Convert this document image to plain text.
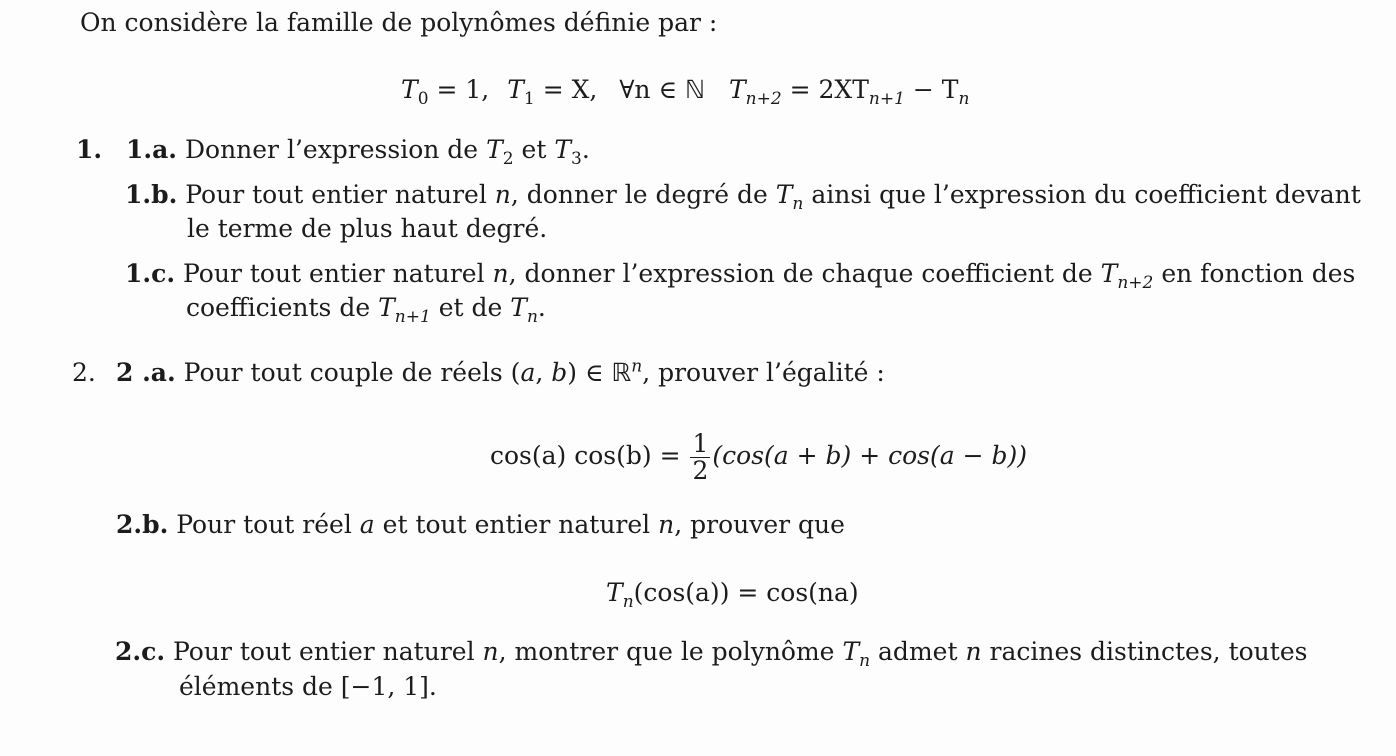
On considère la famille de polynômes définie par :
$T_0 = 1$, $T_1 = X$, ∀n ∈ ℕ $T_{n+2} = 2XT_{n+1} - T_n$
1. 1.a. Donner l’expression de $T_2$ et $T_3$.
1.b. Pour tout entier naturel n, donner le degré de $T_n$ ainsi que l’expression du coefficient devant
le terme de plus haut degré.
1.c. Pour tout entier naturel n, donner l’expression de chaque coefficient de $T_{n+2}$ en fonction des
coefficients de $T_{n+1}$ et de $T_n$.
2. 2 .a. Pour tout couple de réels (a, b) ∈ ℝ$^n$, prouver l’égalité :
cos(a) $\cos(b) = \frac{1}{2} (\cos(a + b) + \cos(a - b))$
2.b. Pour tout réel a et tout entier naturel n, prouver que
$T_n(\cos(a)) = \cos(na)$
2.c. Pour tout entier naturel n, montrer que le polynôme $T_n$ admet n racines distinctes, toutes
éléments de [−1, 1].
